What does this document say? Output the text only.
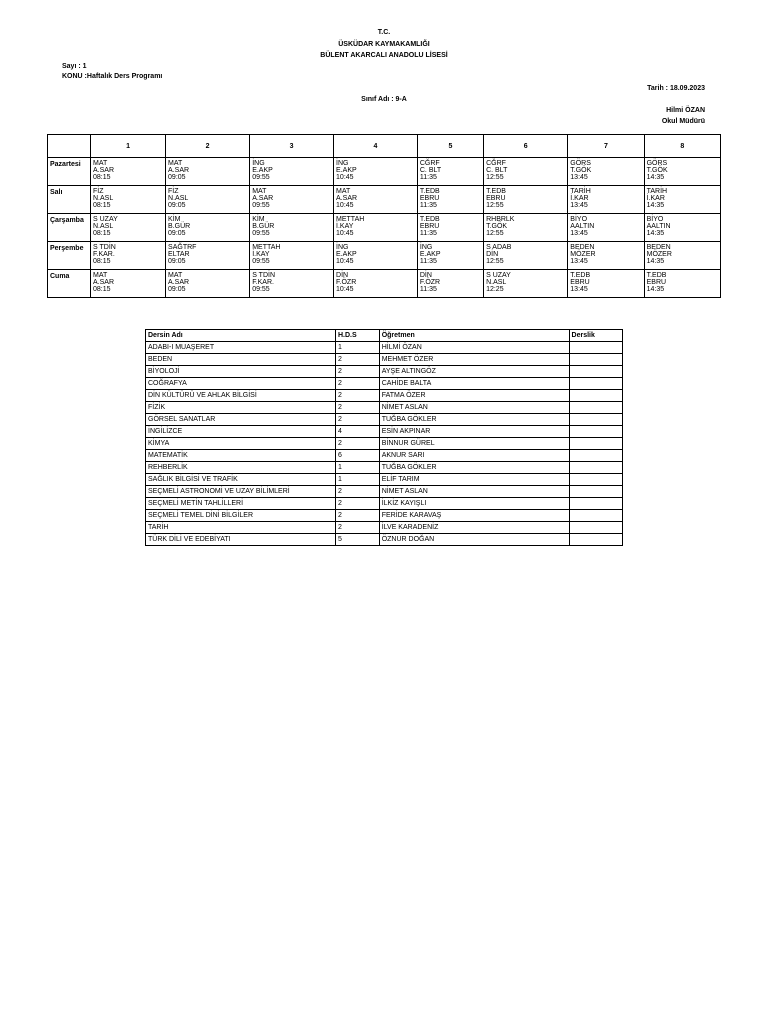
T.C.
ÜSKÜDAR KAYMAKAMLIĞI
BÜLENT AKARCALI ANADOLU LİSESİ
Sayı : 1
KONU :Haftalık Ders Programı
Tarih : 18.09.2023
Sınıf Adı : 9-A
Hilmi ÖZAN
Okul Müdürü
	1	2	3	4	5	6	7	8
Pazartesi	MAT
A.SAR
08:15	MAT
A.SAR
09:05	İNG
E.AKP
09:55	İNG
E.AKP
10:45	CĞRF
C. BLT
11:35	CĞRF
C. BLT
12:55	GÖRS
T.GÖK
13:45	GÖRS
T.GÖK
14:35

Salı	FİZ
N.ASL
08:15	FİZ
N.ASL
09:05	MAT
A.SAR
09:55	MAT
A.SAR
10:45	T.EDB
EBRU
11:35	T.EDB
EBRU
12:55	TARİH
İ.KAR
13:45	TARİH
İ.KAR
14:35

Çarşamba	S UZAY
N.ASL
08:15	KİM
B.GÜR
09:05	KİM
B.GÜR
09:55	METTAH
İ.KAY
10:45	T.EDB
EBRU
11:35	RHBRLK
T.GÖK
12:55	BİYO
AALTIN
13:45	BİYO
AALTIN
14:35

Perşembe	S TDİN
F.KAR.
08:15	SAĞTRF
ELTAR
09:05	METTAH
İ.KAY
09:55	İNG
E.AKP
10:45	İNG
E.AKP
11:35	S ADAB
DİN
12:55	BEDEN
MÖZER
13:45	BEDEN
MÖZER
14:35

Cuma	MAT
A.SAR
08:15	MAT
A.SAR
09:05	S TDİN
F.KAR.
09:55	DİN
F.ÖZR
10:45	DİN
F.ÖZR
11:35	S UZAY
N.ASL
12:25	T.EDB
EBRU
13:45	T.EDB
EBRU
14:35
Dersin Adı	H.D.S	Öğretmen	Derslik
ADABI-I MUAŞERET	1	HİLMİ ÖZAN	
BEDEN	2	MEHMET ÖZER	
BİYOLOJİ	2	AYŞE ALTINGÖZ	
COĞRAFYA	2	CAHİDE BALTA	
DİN KÜLTÜRÜ VE AHLAK BİLGİSİ	2	FATMA ÖZER	
FİZİK	2	NİMET ASLAN	
GÖRSEL SANATLAR	2	TUĞBA GÖKLER	
İNGİLİZCE	4	ESİN AKPINAR	
KİMYA	2	BİNNUR GÜREL	
MATEMATİK	6	AKNUR SARI	
REHBERLİK	1	TUĞBA GÖKLER	
SAĞLIK BİLGİSİ VE TRAFİK	1	ELİF TARIM	
SEÇMELİ ASTRONOMİ VE UZAY BİLİMLERİ	2	NİMET ASLAN	
SEÇMELİ METİN TAHLİLLERİ	2	İLKİZ KAYIŞLI	
SEÇMELİ TEMEL DİNİ BİLGİLER	2	FERİDE KARAVAŞ	
TARİH	2	İLVE KARADENİZ	
TÜRK DİLİ VE EDEBİYATI	5	ÖZNUR DOĞAN	
